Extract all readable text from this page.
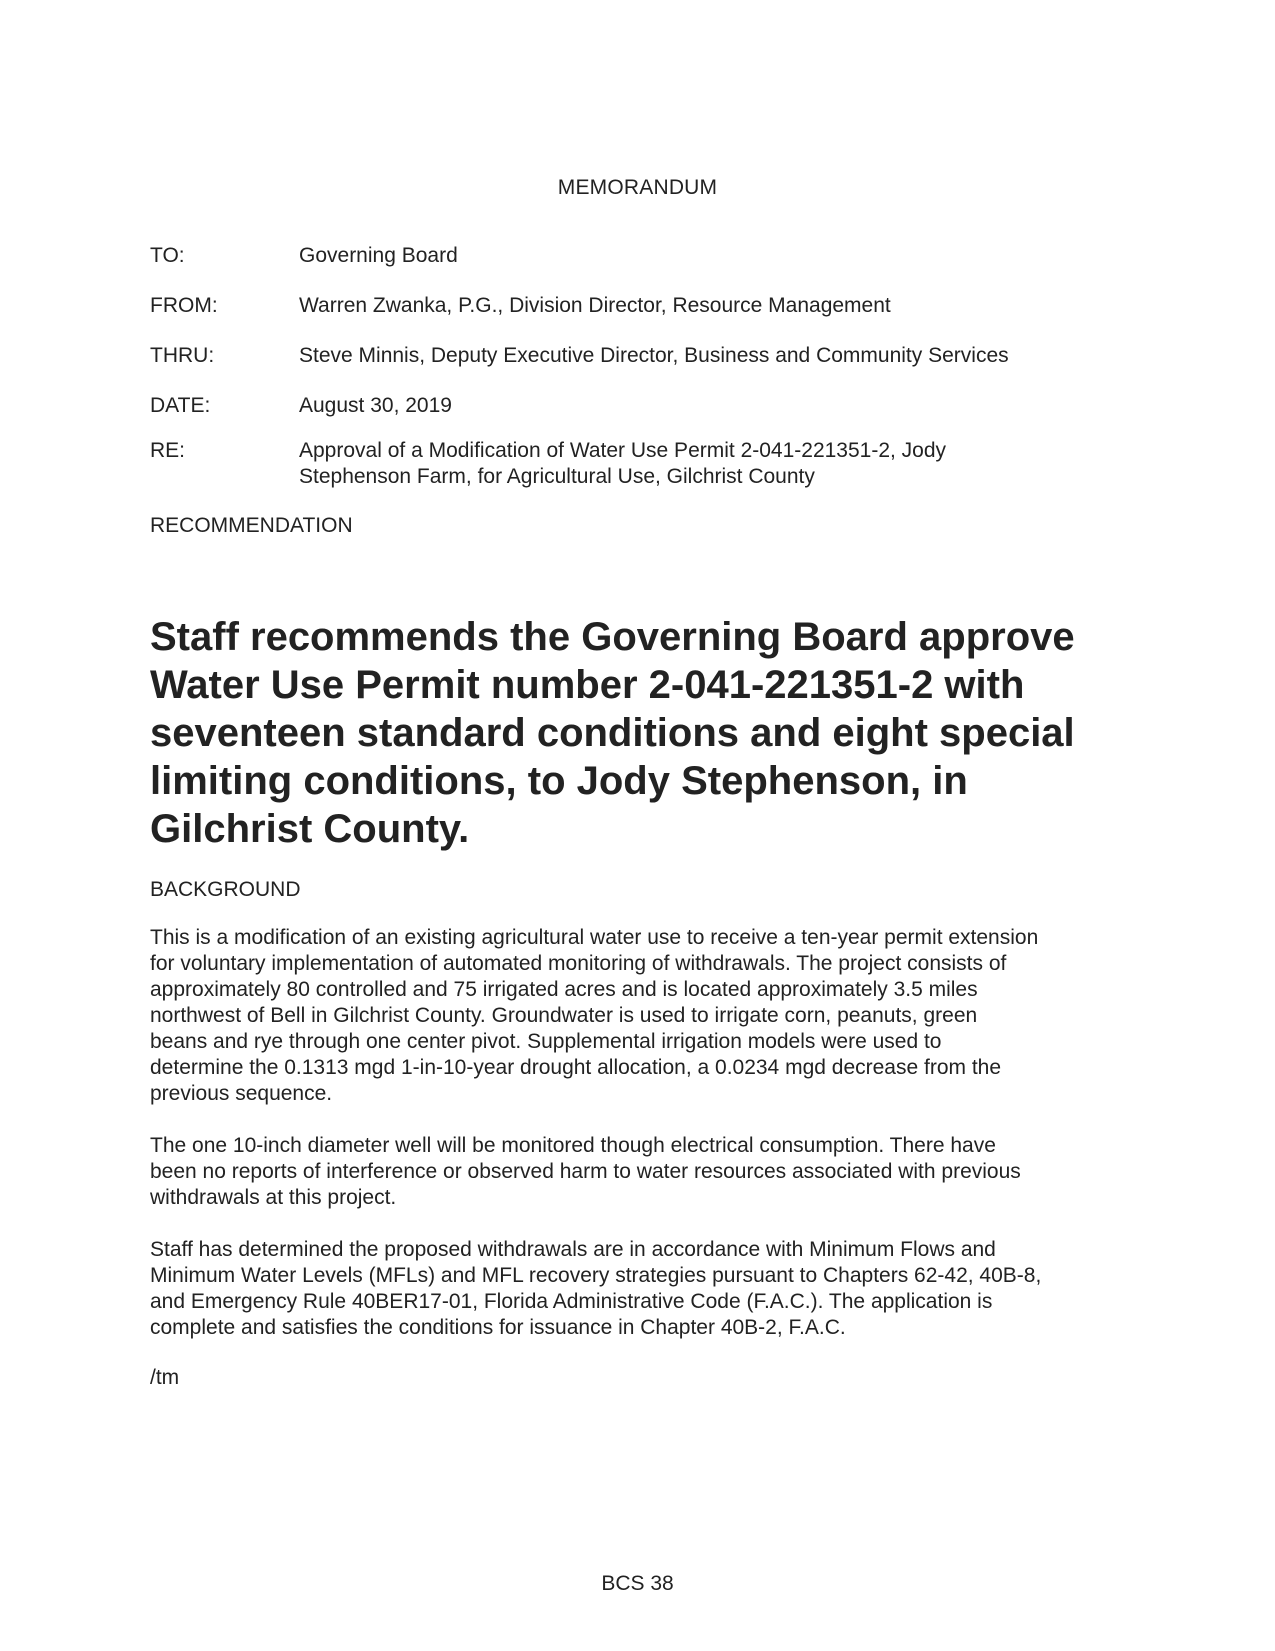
MEMORANDUM
TO:	Governing Board
FROM:	Warren Zwanka, P.G., Division Director, Resource Management
THRU:	Steve Minnis, Deputy Executive Director, Business and Community Services
DATE:	August 30, 2019
RE:	Approval of a Modification of Water Use Permit 2-041-221351-2, Jody
Stephenson Farm, for Agricultural Use, Gilchrist County
RECOMMENDATION
Staff recommends the Governing Board approve
Water Use Permit number 2-041-221351-2 with
seventeen standard conditions and eight special
limiting conditions, to Jody Stephenson, in
Gilchrist County.
BACKGROUND

This is a modification of an existing agricultural water use to receive a ten-year permit extension
for voluntary implementation of automated monitoring of withdrawals. The project consists of
approximately 80 controlled and 75 irrigated acres and is located approximately 3.5 miles
northwest of Bell in Gilchrist County. Groundwater is used to irrigate corn, peanuts, green
beans and rye through one center pivot. Supplemental irrigation models were used to
determine the 0.1313 mgd 1-in-10-year drought allocation, a 0.0234 mgd decrease from the
previous sequence.

The one 10-inch diameter well will be monitored though electrical consumption. There have
been no reports of interference or observed harm to water resources associated with previous
withdrawals at this project.

Staff has determined the proposed withdrawals are in accordance with Minimum Flows and
Minimum Water Levels (MFLs) and MFL recovery strategies pursuant to Chapters 62-42, 40B-8,
and Emergency Rule 40BER17-01, Florida Administrative Code (F.A.C.). The application is
complete and satisfies the conditions for issuance in Chapter 40B-2, F.A.C.

/tm
BCS 38
